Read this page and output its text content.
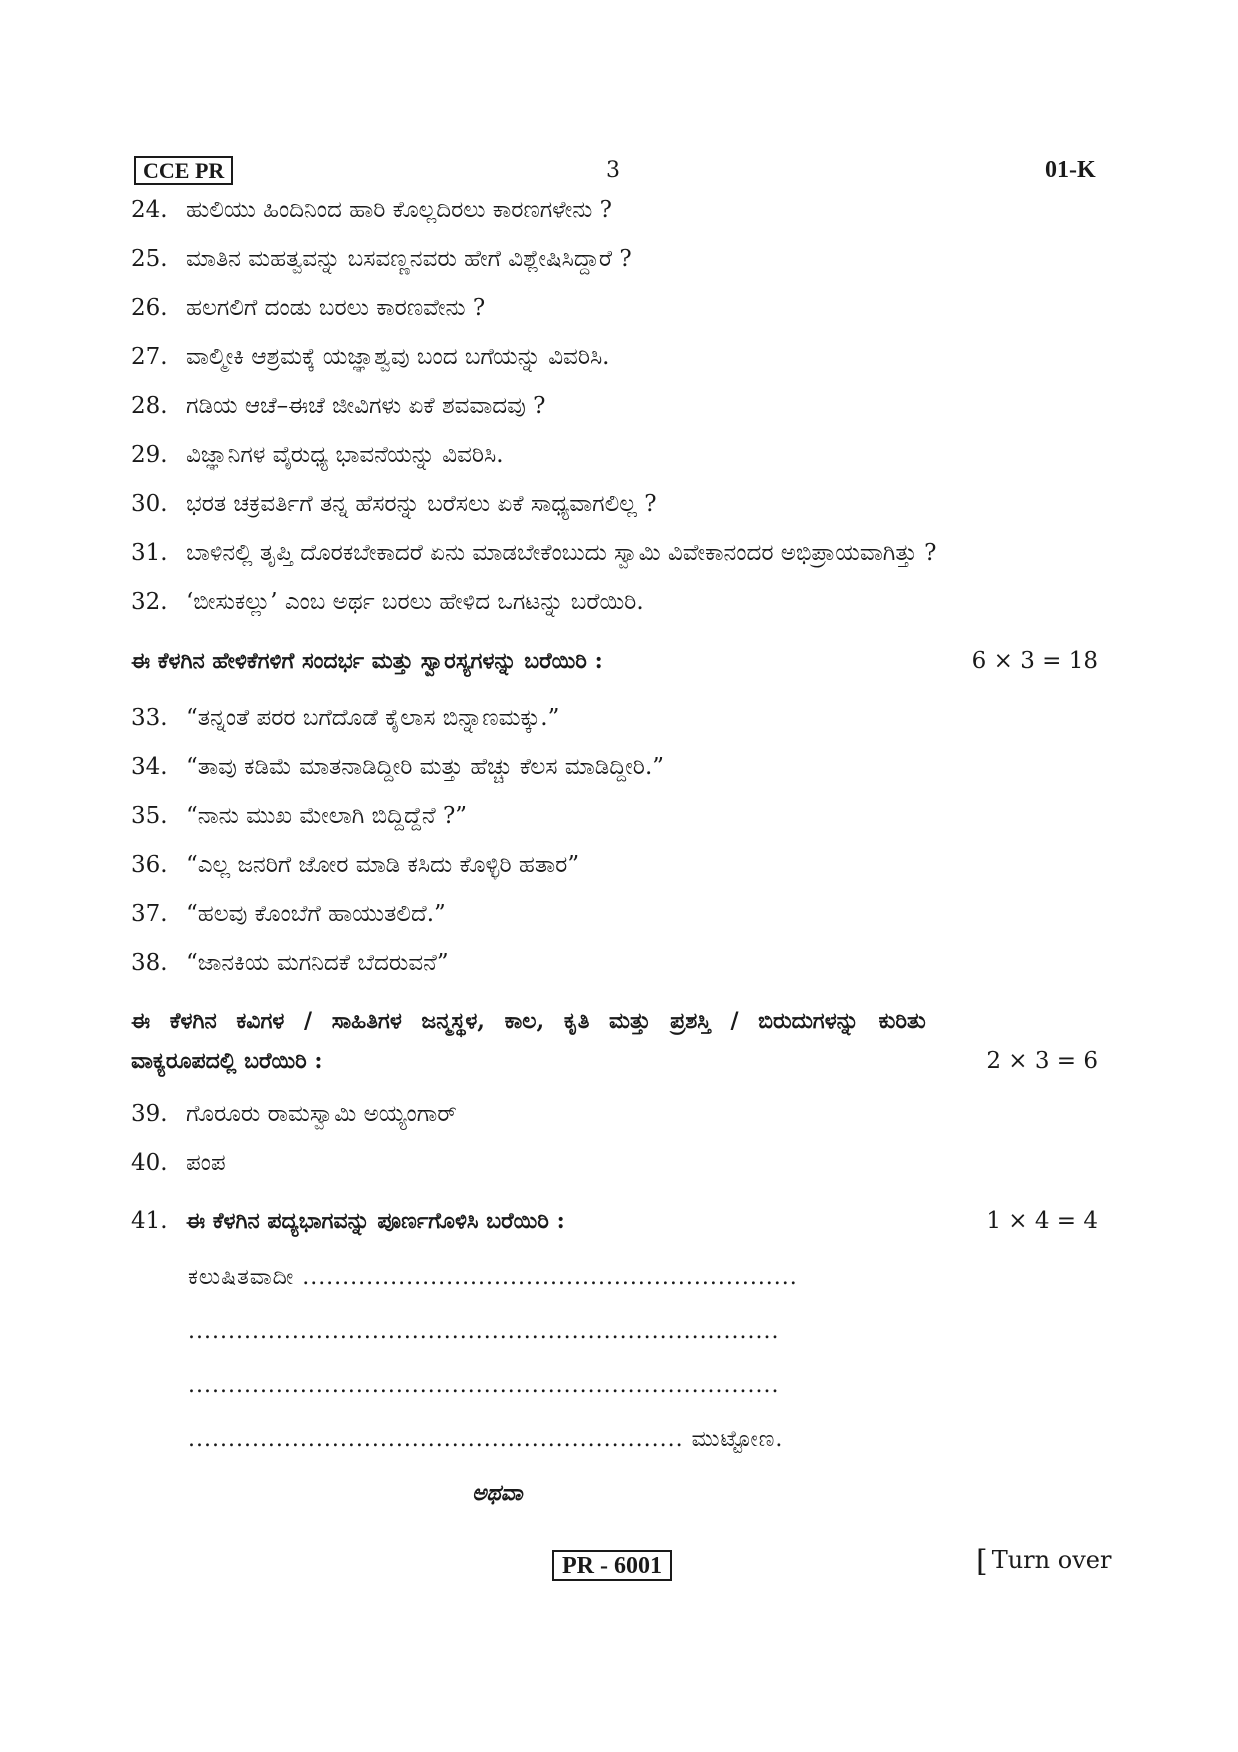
CCE PR	3	01-K
24. ಹುಲಿಯು ಹಿಂದಿನಿಂದ ಹಾರಿ ಕೊಲ್ಲದಿರಲು ಕಾರಣಗಳೇನು ?
25. ಮಾತಿನ ಮಹತ್ವವನ್ನು ಬಸವಣ್ಣನವರು ಹೇಗೆ ವಿಶ್ಲೇಷಿಸಿದ್ದಾರೆ ?
26. ಹಲಗಲಿಗೆ ದಂಡು ಬರಲು ಕಾರಣವೇನು ?
27. ವಾಲ್ಮೀಕಿ ಆಶ್ರಮಕ್ಕೆ ಯಜ್ಞಾಶ್ವವು ಬಂದ ಬಗೆಯನ್ನು ವಿವರಿಸಿ.
28. ಗಡಿಯ ಆಚೆ–ಈಚೆ ಜೀವಿಗಳು ಏಕೆ ಶವವಾದವು ?
29. ವಿಜ್ಞಾನಿಗಳ ವೈರುಧ್ಯ ಭಾವನೆಯನ್ನು ವಿವರಿಸಿ.
30. ಭರತ ಚಕ್ರವರ್ತಿಗೆ ತನ್ನ ಹೆಸರನ್ನು ಬರೆಸಲು ಏಕೆ ಸಾಧ್ಯವಾಗಲಿಲ್ಲ ?
31. ಬಾಳಿನಲ್ಲಿ ತೃಪ್ತಿ ದೊರಕಬೇಕಾದರೆ ಏನು ಮಾಡಬೇಕೆಂಬುದು ಸ್ವಾಮಿ ವಿವೇಕಾನಂದರ ಅಭಿಪ್ರಾಯವಾಗಿತ್ತು ?
32. ‘ಬೀಸುಕಲ್ಲು’ ಎಂಬ ಅರ್ಥ ಬರಲು ಹೇಳಿದ ಒಗಟನ್ನು ಬರೆಯಿರಿ.
ಈ ಕೆಳಗಿನ ಹೇಳಿಕೆಗಳಿಗೆ ಸಂದರ್ಭ ಮತ್ತು ಸ್ವಾರಸ್ಯಗಳನ್ನು ಬರೆಯಿರಿ :	6 × 3 = 18
33. “ತನ್ನಂತೆ ಪರರ ಬಗೆದೊಡೆ ಕೈಲಾಸ ಬಿನ್ನಾಣಮಕ್ಕು.”
34. “ತಾವು ಕಡಿಮೆ ಮಾತನಾಡಿದ್ದೀರಿ ಮತ್ತು ಹೆಚ್ಚು ಕೆಲಸ ಮಾಡಿದ್ದೀರಿ.”
35. “ನಾನು ಮುಖ ಮೇಲಾಗಿ ಬಿದ್ದಿದ್ದೆನೆ ?”
36. “ಎಲ್ಲ ಜನರಿಗೆ ಜೋರ ಮಾಡಿ ಕಸಿದು ಕೊಳ್ಳಿರಿ ಹತಾರ”
37. “ಹಲವು ಕೊಂಬೆಗೆ ಹಾಯುತಲಿದೆ.”
38. “ಜಾನಕಿಯ ಮಗನಿದಕೆ ಬೆದರುವನೆ”
ಈ ಕೆಳಗಿನ ಕವಿಗಳ / ಸಾಹಿತಿಗಳ ಜನ್ಮಸ್ಥಳ, ಕಾಲ, ಕೃತಿ ಮತ್ತು ಪ್ರಶಸ್ತಿ / ಬಿರುದುಗಳನ್ನು ಕುರಿತು
ವಾಕ್ಯರೂಪದಲ್ಲಿ ಬರೆಯಿರಿ :	2 × 3 = 6
39. ಗೊರೂರು ರಾಮಸ್ವಾಮಿ ಅಯ್ಯಂಗಾರ್
40. ಪಂಪ
41. ಈ ಕೆಳಗಿನ ಪದ್ಯಭಾಗವನ್ನು ಪೂರ್ಣಗೊಳಿಸಿ ಬರೆಯಿರಿ :	1 × 4 = 4
ಕಲುಷಿತವಾದೀ ..............................................................
..........................................................................
..........................................................................
.............................................................. ಮುಟ್ಟೋಣ.
ಅಥವಾ
PR - 6001	[ Turn over
